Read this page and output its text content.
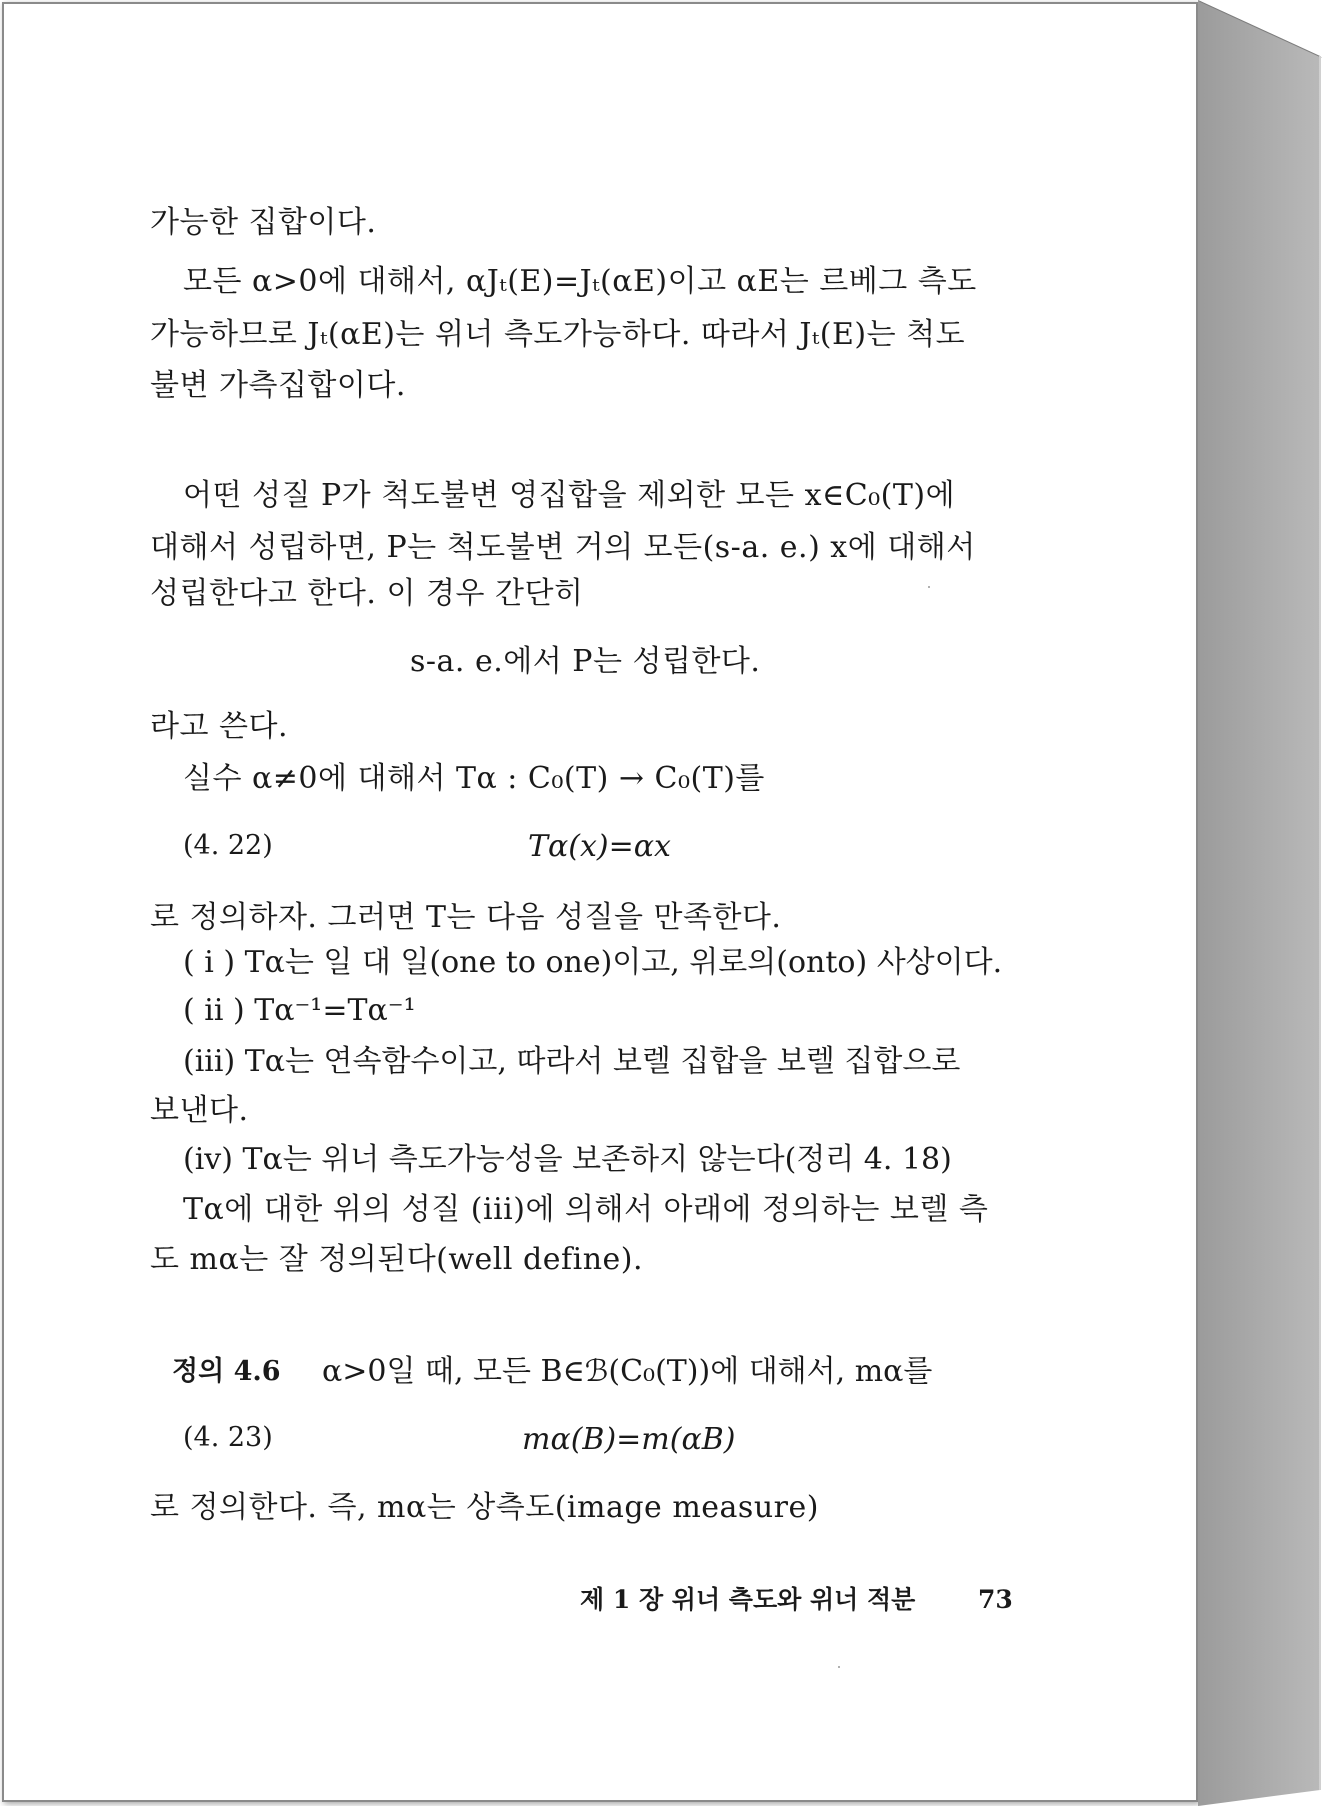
가능한 집합이다.
모든 α>0에 대해서, αJₜ(E)=Jₜ(αE)이고 αE는 르베그 측도
가능하므로 Jₜ(αE)는 위너 측도가능하다. 따라서 Jₜ(E)는 척도
불변 가측집합이다.
어떤 성질 P가 척도불변 영집합을 제외한 모든 x∈C₀(T)에
대해서 성립하면, P는 척도불변 거의 모든(s-a. e.) x에 대해서
성립한다고 한다. 이 경우 간단히
s-a. e.에서 P는 성립한다.
라고 쓴다.
실수 α≠0에 대해서 Tα : C₀(T) → C₀(T)를
(4. 22)	Tα(x)=αx
로 정의하자. 그러면 T는 다음 성질을 만족한다.
( i ) Tα는 일 대 일(one to one)이고, 위로의(onto) 사상이다.
( ii ) Tα⁻¹=Tα⁻¹
(iii) Tα는 연속함수이고, 따라서 보렐 집합을 보렐 집합으로
보낸다.
(iv) Tα는 위너 측도가능성을 보존하지 않는다(정리 4. 18)
Tα에 대한 위의 성질 (iii)에 의해서 아래에 정의하는 보렐 측
도 mα는 잘 정의된다(well define).
정의 4.6 α>0일 때, 모든 B∈ℬ(C₀(T))에 대해서, mα를
(4. 23)	mα(B)=m(αB)
로 정의한다. 즉, mα는 상측도(image measure)
제 1 장 위너 측도와 위너 적분	73
